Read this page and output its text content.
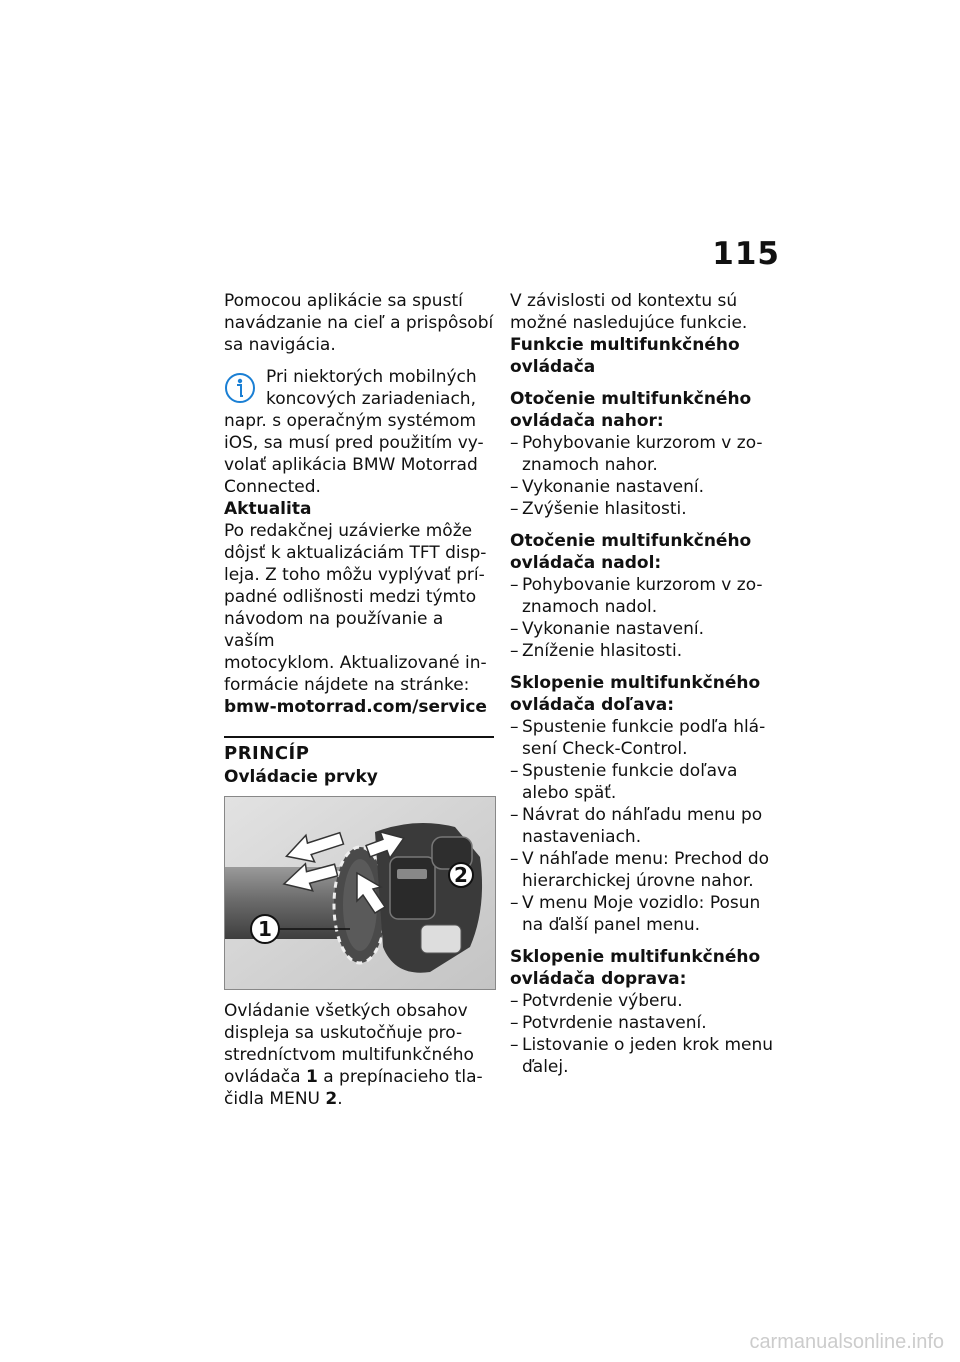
115

Pomocou aplikácie sa spustí
navádzanie na cieľ a prispôsobí
sa navigácia.

Pri niektorých mobilných

koncových zariadeniach,

napr. s operačným systémom

iOS, sa musí pred použitím vy-

volať aplikácia BMW Motorrad

Connected.

Aktualita

Po redakčnej uzávierke môže
dôjsť k aktualizáciám TFT disp-
leja. Z toho môžu vyplývať prí-
padné odlišnosti medzi týmto
návodom na používanie a vaším
motocyklom. Aktualizované in-
formácie nájdete na stránke:

bmw-motorrad.com/service

PRINCÍP

Ovládacie prvky

2
1

Ovládanie všetkých obsahov
displeja sa uskutočňuje pro-
stredníctvom multifunkčného
ovládača 1 a prepínacieho tla-
čidla MENU 2.

V závislosti od kontextu sú
možné nasledujúce funkcie.

Funkcie multifunkčného
ovládača

Otočenie multifunkčného
ovládača nahor:

– Pohybovanie kurzorom v zo-
znamoch nahor.
– Vykonanie nastavení.
– Zvýšenie hlasitosti.

Otočenie multifunkčného
ovládača nadol:

– Pohybovanie kurzorom v zo-
znamoch nadol.
– Vykonanie nastavení.
– Zníženie hlasitosti.

Sklopenie multifunkčného
ovládača doľava:

– Spustenie funkcie podľa hlá-
sení Check-Control.
– Spustenie funkcie doľava
alebo späť.
– Návrat do náhľadu menu po
nastaveniach.
– V náhľade menu: Prechod do
hierarchickej úrovne nahor.
– V menu Moje vozidlo: Posun
na ďalší panel menu.

Sklopenie multifunkčného
ovládača doprava:

– Potvrdenie výberu.
– Potvrdenie nastavení.
– Listovanie o jeden krok menu
ďalej.
carmanualsonline.info
